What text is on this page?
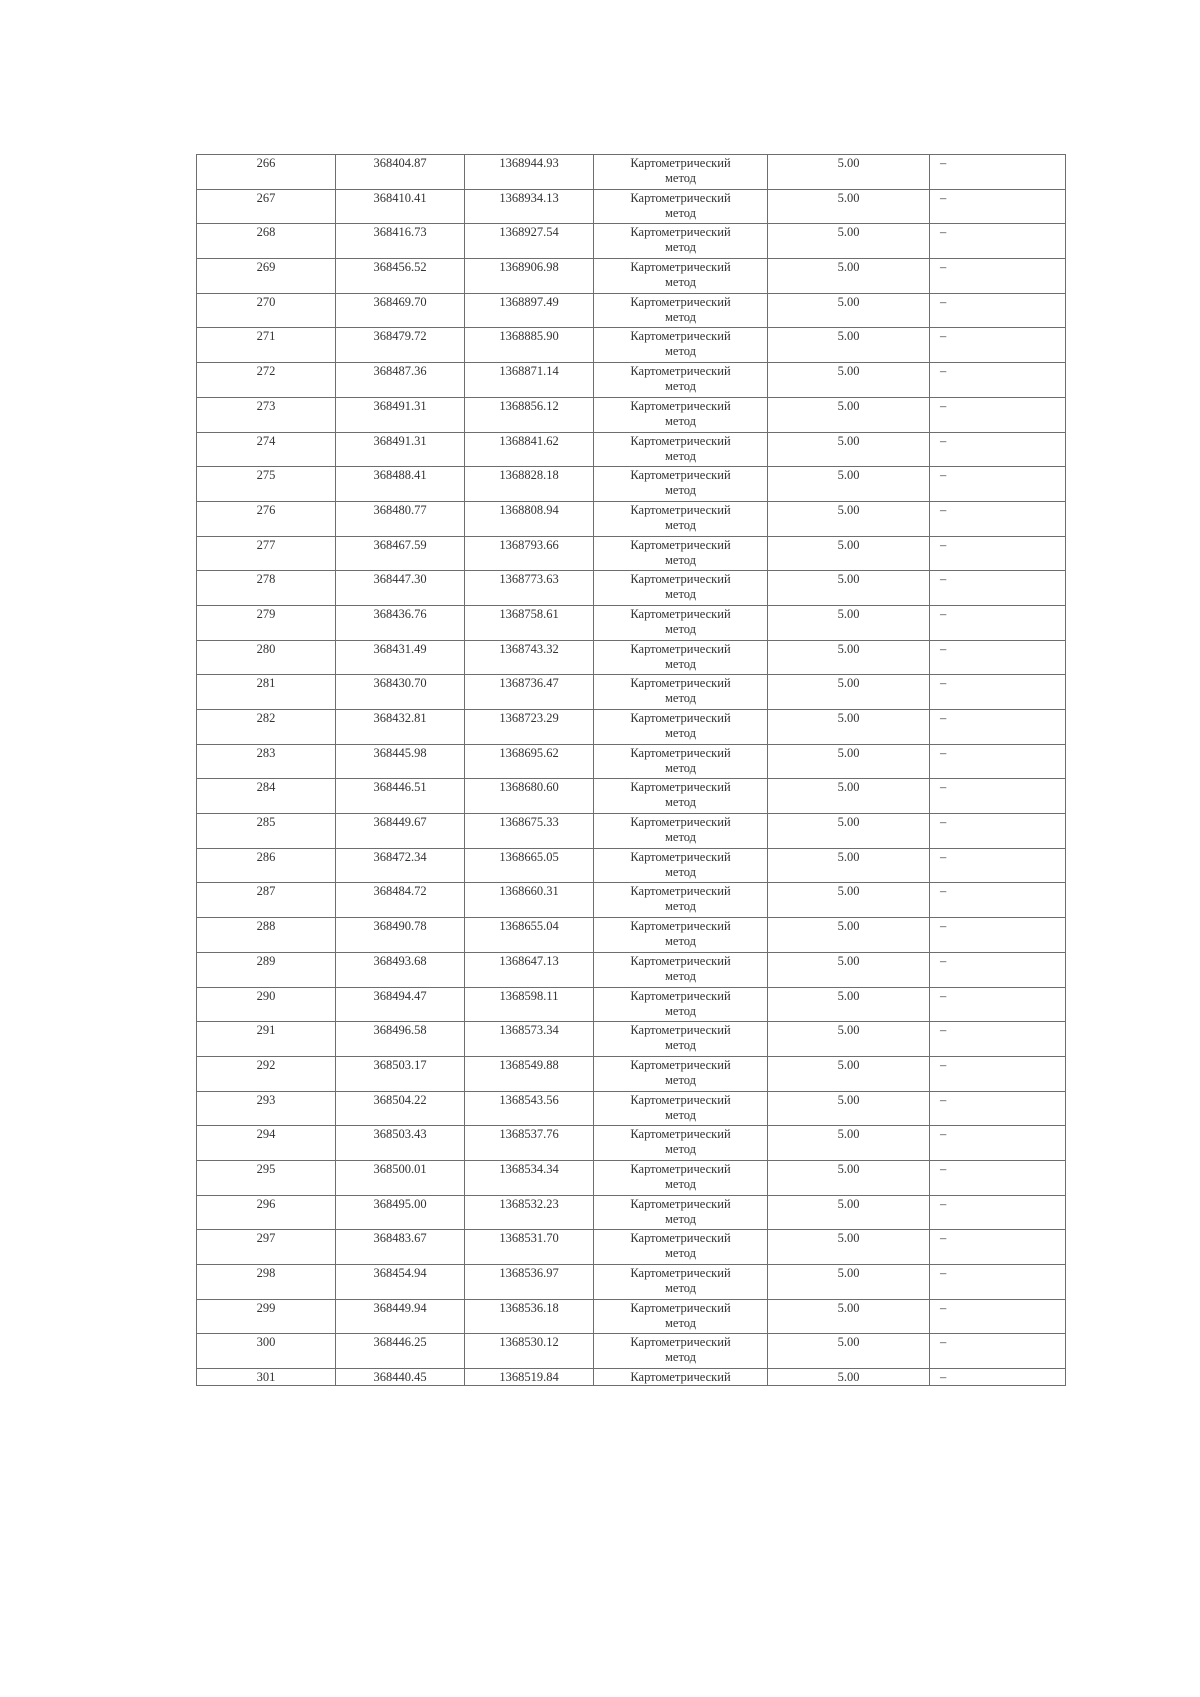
266	368404.87	1368944.93	Картометрический метод	5.00	–
267	368410.41	1368934.13	Картометрический метод	5.00	–
268	368416.73	1368927.54	Картометрический метод	5.00	–
269	368456.52	1368906.98	Картометрический метод	5.00	–
270	368469.70	1368897.49	Картометрический метод	5.00	–
271	368479.72	1368885.90	Картометрический метод	5.00	–
272	368487.36	1368871.14	Картометрический метод	5.00	–
273	368491.31	1368856.12	Картометрический метод	5.00	–
274	368491.31	1368841.62	Картометрический метод	5.00	–
275	368488.41	1368828.18	Картометрический метод	5.00	–
276	368480.77	1368808.94	Картометрический метод	5.00	–
277	368467.59	1368793.66	Картометрический метод	5.00	–
278	368447.30	1368773.63	Картометрический метод	5.00	–
279	368436.76	1368758.61	Картометрический метод	5.00	–
280	368431.49	1368743.32	Картометрический метод	5.00	–
281	368430.70	1368736.47	Картометрический метод	5.00	–
282	368432.81	1368723.29	Картометрический метод	5.00	–
283	368445.98	1368695.62	Картометрический метод	5.00	–
284	368446.51	1368680.60	Картометрический метод	5.00	–
285	368449.67	1368675.33	Картометрический метод	5.00	–
286	368472.34	1368665.05	Картометрический метод	5.00	–
287	368484.72	1368660.31	Картометрический метод	5.00	–
288	368490.78	1368655.04	Картометрический метод	5.00	–
289	368493.68	1368647.13	Картометрический метод	5.00	–
290	368494.47	1368598.11	Картометрический метод	5.00	–
291	368496.58	1368573.34	Картометрический метод	5.00	–
292	368503.17	1368549.88	Картометрический метод	5.00	–
293	368504.22	1368543.56	Картометрический метод	5.00	–
294	368503.43	1368537.76	Картометрический метод	5.00	–
295	368500.01	1368534.34	Картометрический метод	5.00	–
296	368495.00	1368532.23	Картометрический метод	5.00	–
297	368483.67	1368531.70	Картометрический метод	5.00	–
298	368454.94	1368536.97	Картометрический метод	5.00	–
299	368449.94	1368536.18	Картометрический метод	5.00	–
300	368446.25	1368530.12	Картометрический метод	5.00	–
301	368440.45	1368519.84	Картометрический	5.00	–
